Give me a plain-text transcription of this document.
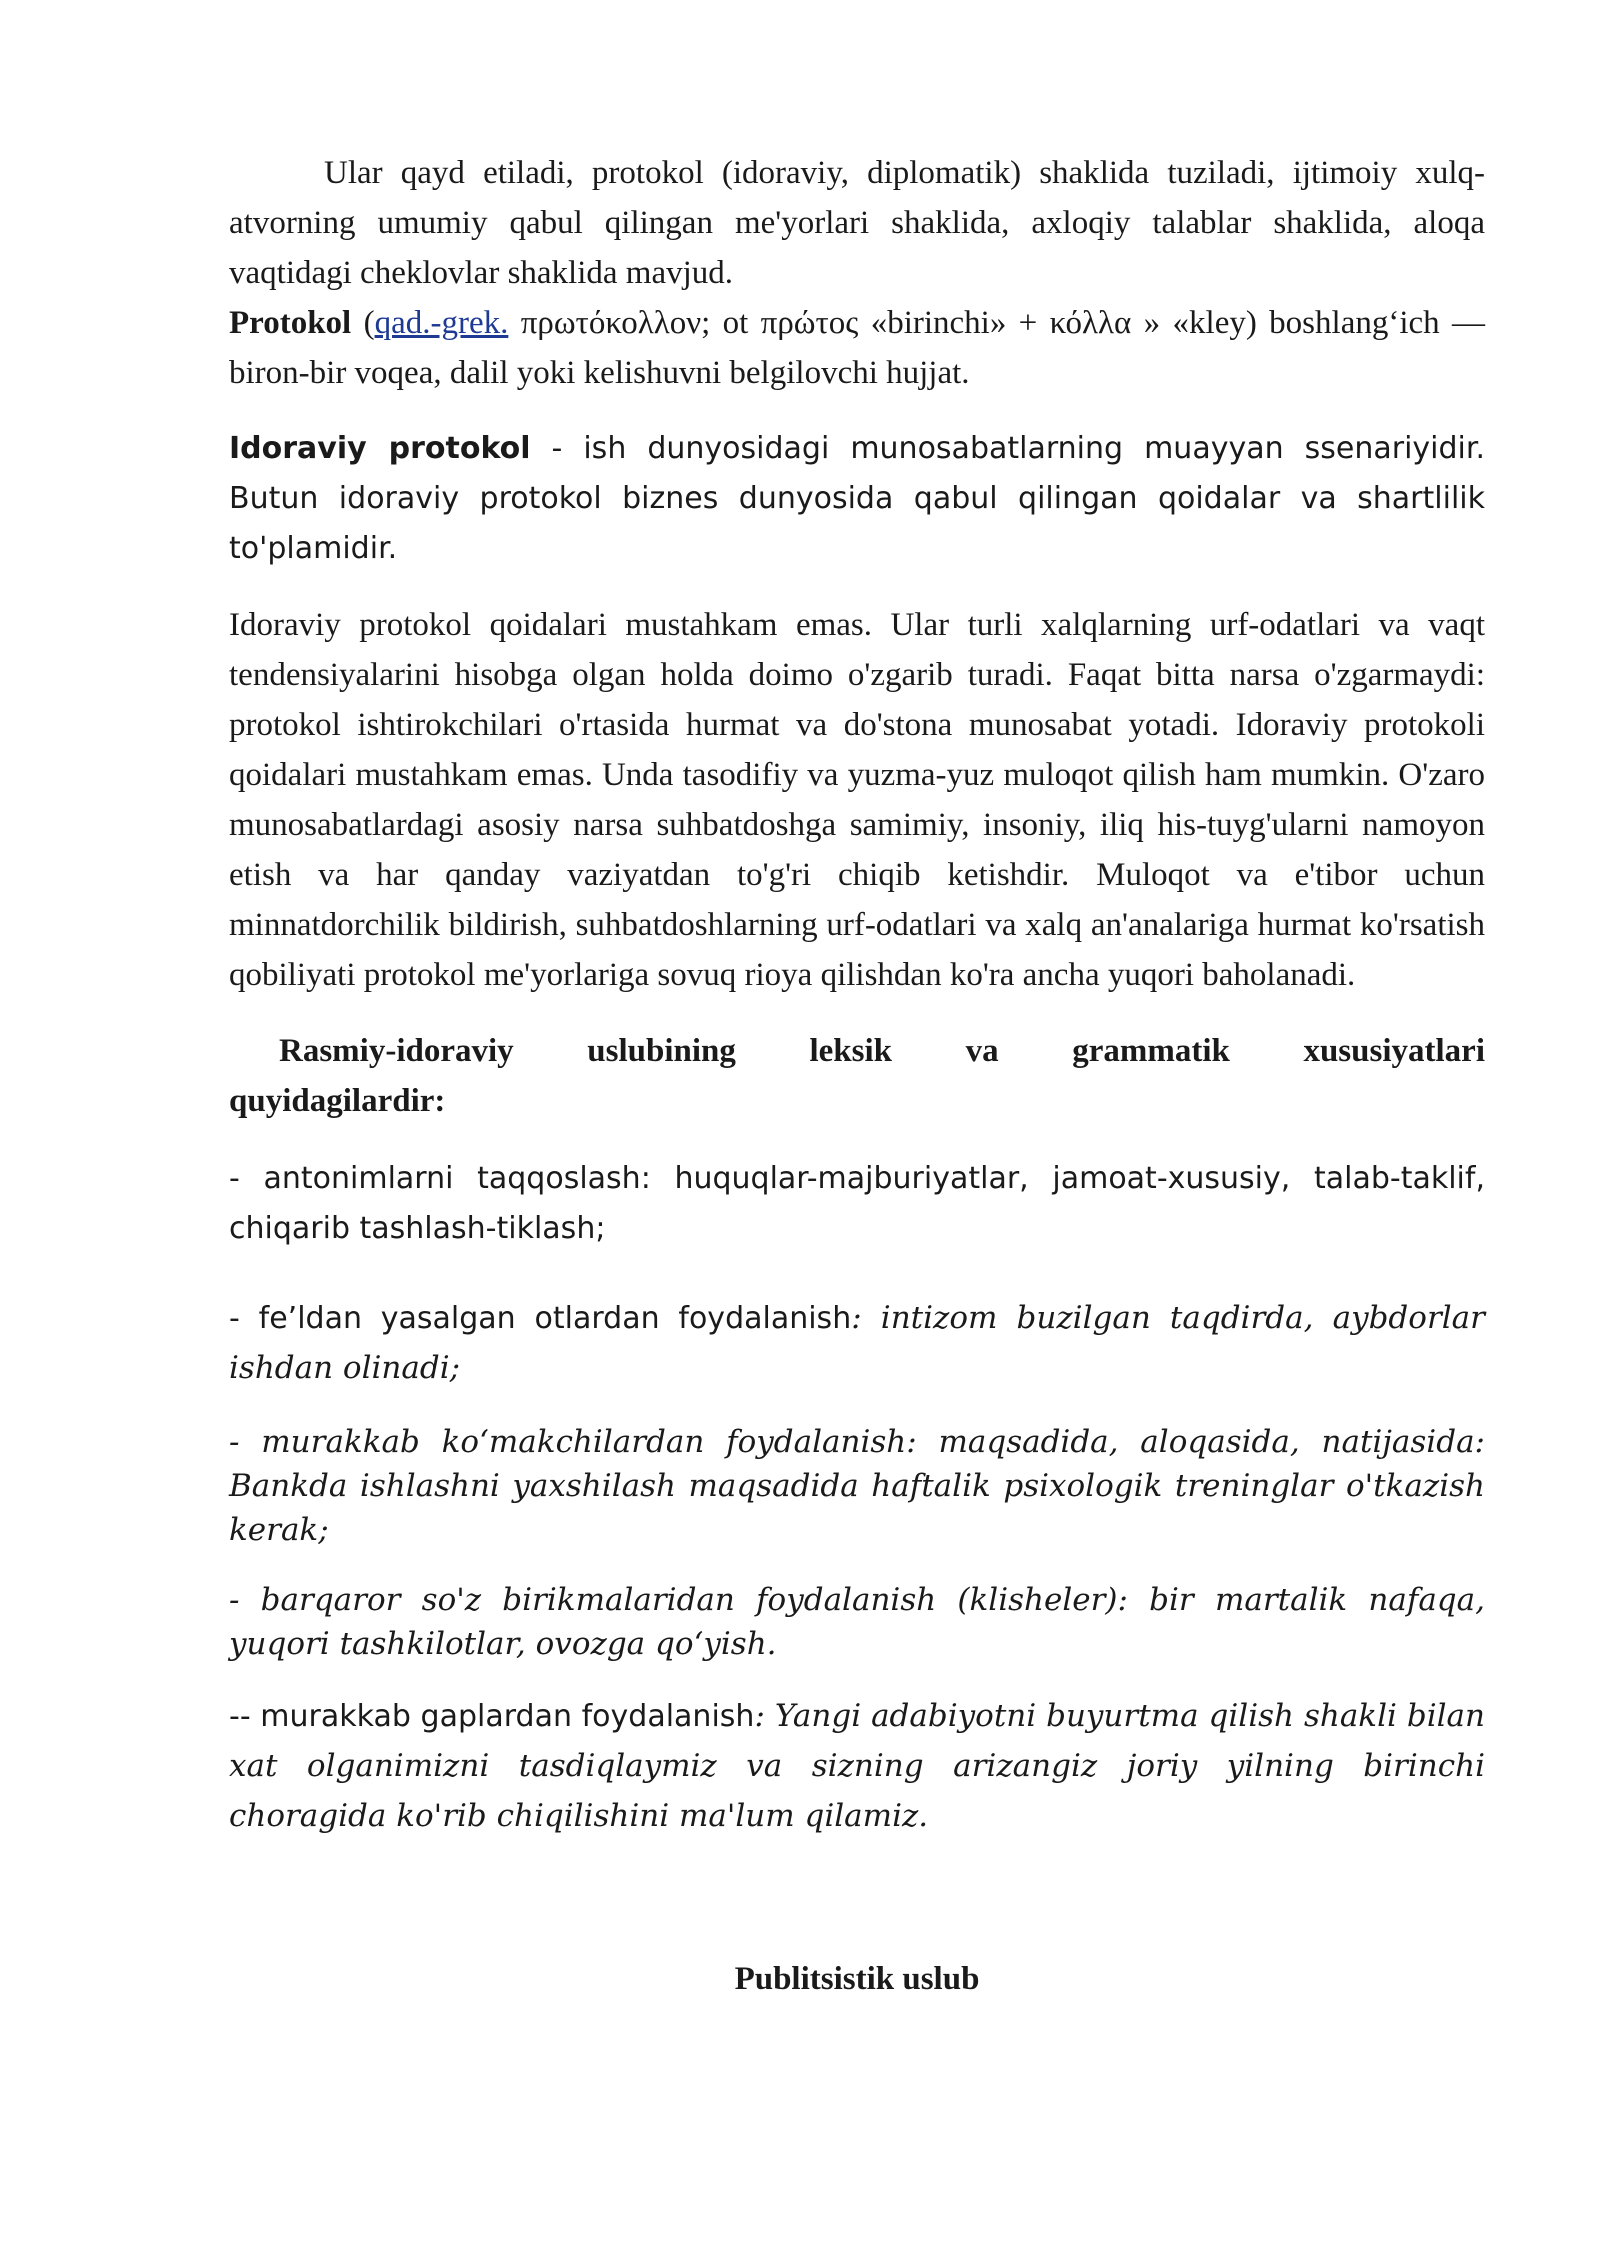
Ular qayd etiladi, protokol (idoraviy, diplomatik) shaklida tuziladi, ijtimoiy xulq-atvorning umumiy qabul qilingan me'yorlari shaklida, axloqiy talablar shaklida, aloqa vaqtidagi cheklovlar shaklida mavjud.

Protokol (qad.-grek. πρωτόκολλον; ot πρώτος «birinchi» + κόλλα » «kley) boshlang‘ich — biron-bir voqea, dalil yoki kelishuvni belgilovchi hujjat.

Idoraviy protokol - ish dunyosidagi munosabatlarning muayyan ssenariyidir. Butun idoraviy protokol biznes dunyosida qabul qilingan qoidalar va shartlilik to'plamidir.

Idoraviy protokol qoidalari mustahkam emas. Ular turli xalqlarning urf-odatlari va vaqt tendensiyalarini hisobga olgan holda doimo o'zgarib turadi. Faqat bitta narsa o'zgarmaydi: protokol ishtirokchilari o'rtasida hurmat va do'stona munosabat yotadi. Idoraviy protokoli qoidalari mustahkam emas. Unda tasodifiy va yuzma-yuz muloqot qilish ham mumkin. O'zaro munosabatlardagi asosiy narsa suhbatdoshga samimiy, insoniy, iliq his-tuyg'ularni namoyon etish va har qanday vaziyatdan to'g'ri chiqib ketishdir. Muloqot va e'tibor uchun minnatdorchilik bildirish, suhbatdoshlarning urf-odatlari va xalq an'analariga hurmat ko'rsatish qobiliyati protokol me'yorlariga sovuq rioya qilishdan ko'ra ancha yuqori baholanadi.

Rasmiy-idoraviy uslubining leksik va grammatik xususiyatlari

quyidagilardir:

- antonimlarni taqqoslash: huquqlar-majburiyatlar, jamoat-xususiy, talab-taklif, chiqarib tashlash-tiklash;

- fe’ldan yasalgan otlardan foydalanish: intizom buzilgan taqdirda, aybdorlar ishdan olinadi;

- murakkab ko‘makchilardan foydalanish: maqsadida, aloqasida, natijasida: Bankda ishlashni yaxshilash maqsadida haftalik psixologik treninglar o'tkazish kerak;

- barqaror so'z birikmalaridan foydalanish (klisheler): bir martalik nafaqa, yuqori tashkilotlar, ovozga qo‘yish.

-- murakkab gaplardan foydalanish: Yangi adabiyotni buyurtma qilish shakli bilan xat olganimizni tasdiqlaymiz va sizning arizangiz joriy yilning birinchi choragida ko'rib chiqilishini ma'lum qilamiz.

Publitsistik uslub
